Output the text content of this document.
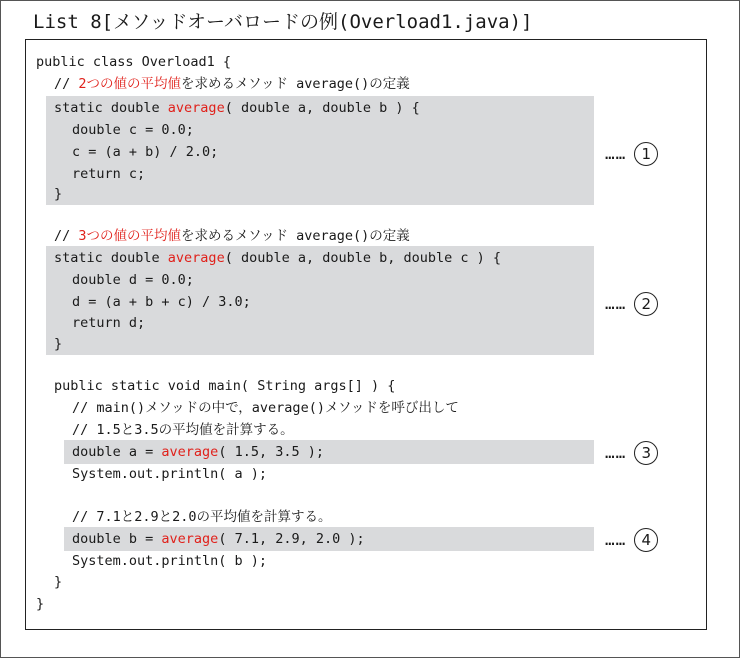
List 8[メソッドオーバロードの例(Overload1.java)]
public class Overload1 {
// 2つの値の平均値を求めるメソッド average()の定義
static double average( double a, double b ) {
double c = 0.0;
c = (a + b) / 2.0;
return c;
}
// 3つの値の平均値を求めるメソッド average()の定義
static double average( double a, double b, double c ) {
double d = 0.0;
d = (a + b + c) / 3.0;
return d;
}
public static void main( String args[] ) {
// main()メソッドの中で，average()メソッドを呼び出して
// 1.5と3.5の平均値を計算する。
double a = average( 1.5, 3.5 );
System.out.println( a );
// 7.1と2.9と2.0の平均値を計算する。
double b = average( 7.1, 2.9, 2.0 );
System.out.println( b );
}
}
……	1
……	2
……	3
……	4
